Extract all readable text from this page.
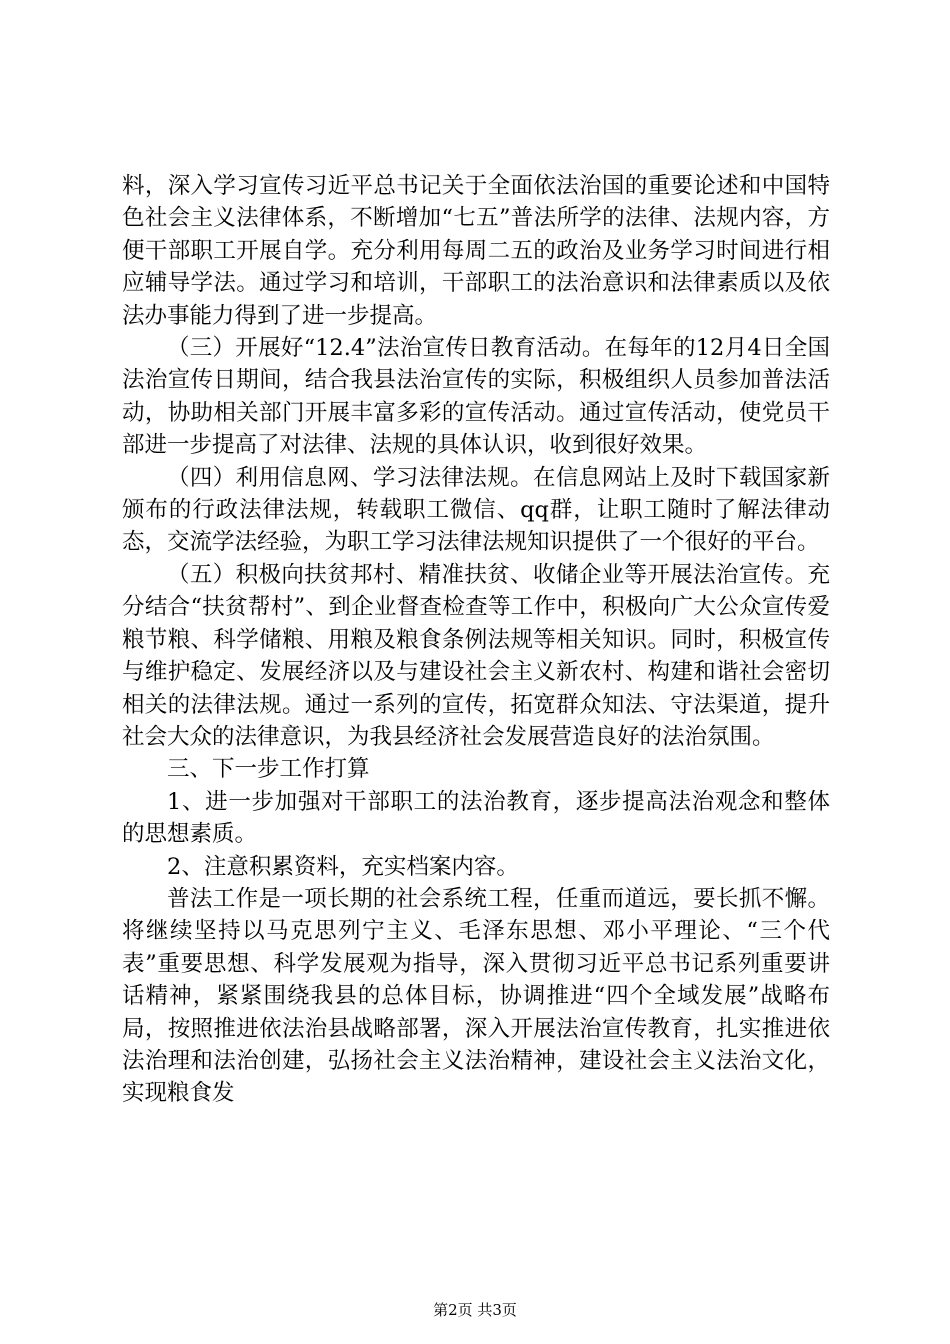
料，深入学习宣传习近平总书记关于全面依法治国的重要论述和中国特色社会主义法律体系，不断增加“七五”普法所学的法律、法规内容，方便干部职工开展自学。充分利用每周二五的政治及业务学习时间进行相应辅导学法。通过学习和培训，干部职工的法治意识和法律素质以及依法办事能力得到了进一步提高。

（三）开展好“12.4”法治宣传日教育活动。在每年的12月4日全国法治宣传日期间，结合我县法治宣传的实际，积极组织人员参加普法活动，协助相关部门开展丰富多彩的宣传活动。通过宣传活动，使党员干部进一步提高了对法律、法规的具体认识，收到很好效果。

（四）利用信息网、学习法律法规。在信息网站上及时下载国家新颁布的行政法律法规，转载职工微信、qq群，让职工随时了解法律动态，交流学法经验，为职工学习法律法规知识提供了一个很好的平台。

（五）积极向扶贫邦村、精准扶贫、收储企业等开展法治宣传。充分结合“扶贫帮村”、到企业督查检查等工作中，积极向广大公众宣传爱粮节粮、科学储粮、用粮及粮食条例法规等相关知识。同时，积极宣传与维护稳定、发展经济以及与建设社会主义新农村、构建和谐社会密切相关的法律法规。通过一系列的宣传，拓宽群众知法、守法渠道，提升社会大众的法律意识，为我县经济社会发展营造良好的法治氛围。

三、下一步工作打算

1、进一步加强对干部职工的法治教育，逐步提高法治观念和整体的思想素质。

2、注意积累资料，充实档案内容。

普法工作是一项长期的社会系统工程，任重而道远，要长抓不懈。将继续坚持以马克思列宁主义、毛泽东思想、邓小平理论、“三个代表”重要思想、科学发展观为指导，深入贯彻习近平总书记系列重要讲话精神，紧紧围绕我县的总体目标，协调推进“四个全域发展”战略布局，按照推进依法治县战略部署，深入开展法治宣传教育，扎实推进依法治理和法治创建，弘扬社会主义法治精神，建设社会主义法治文化，实现粮食发

第2页 共3页
